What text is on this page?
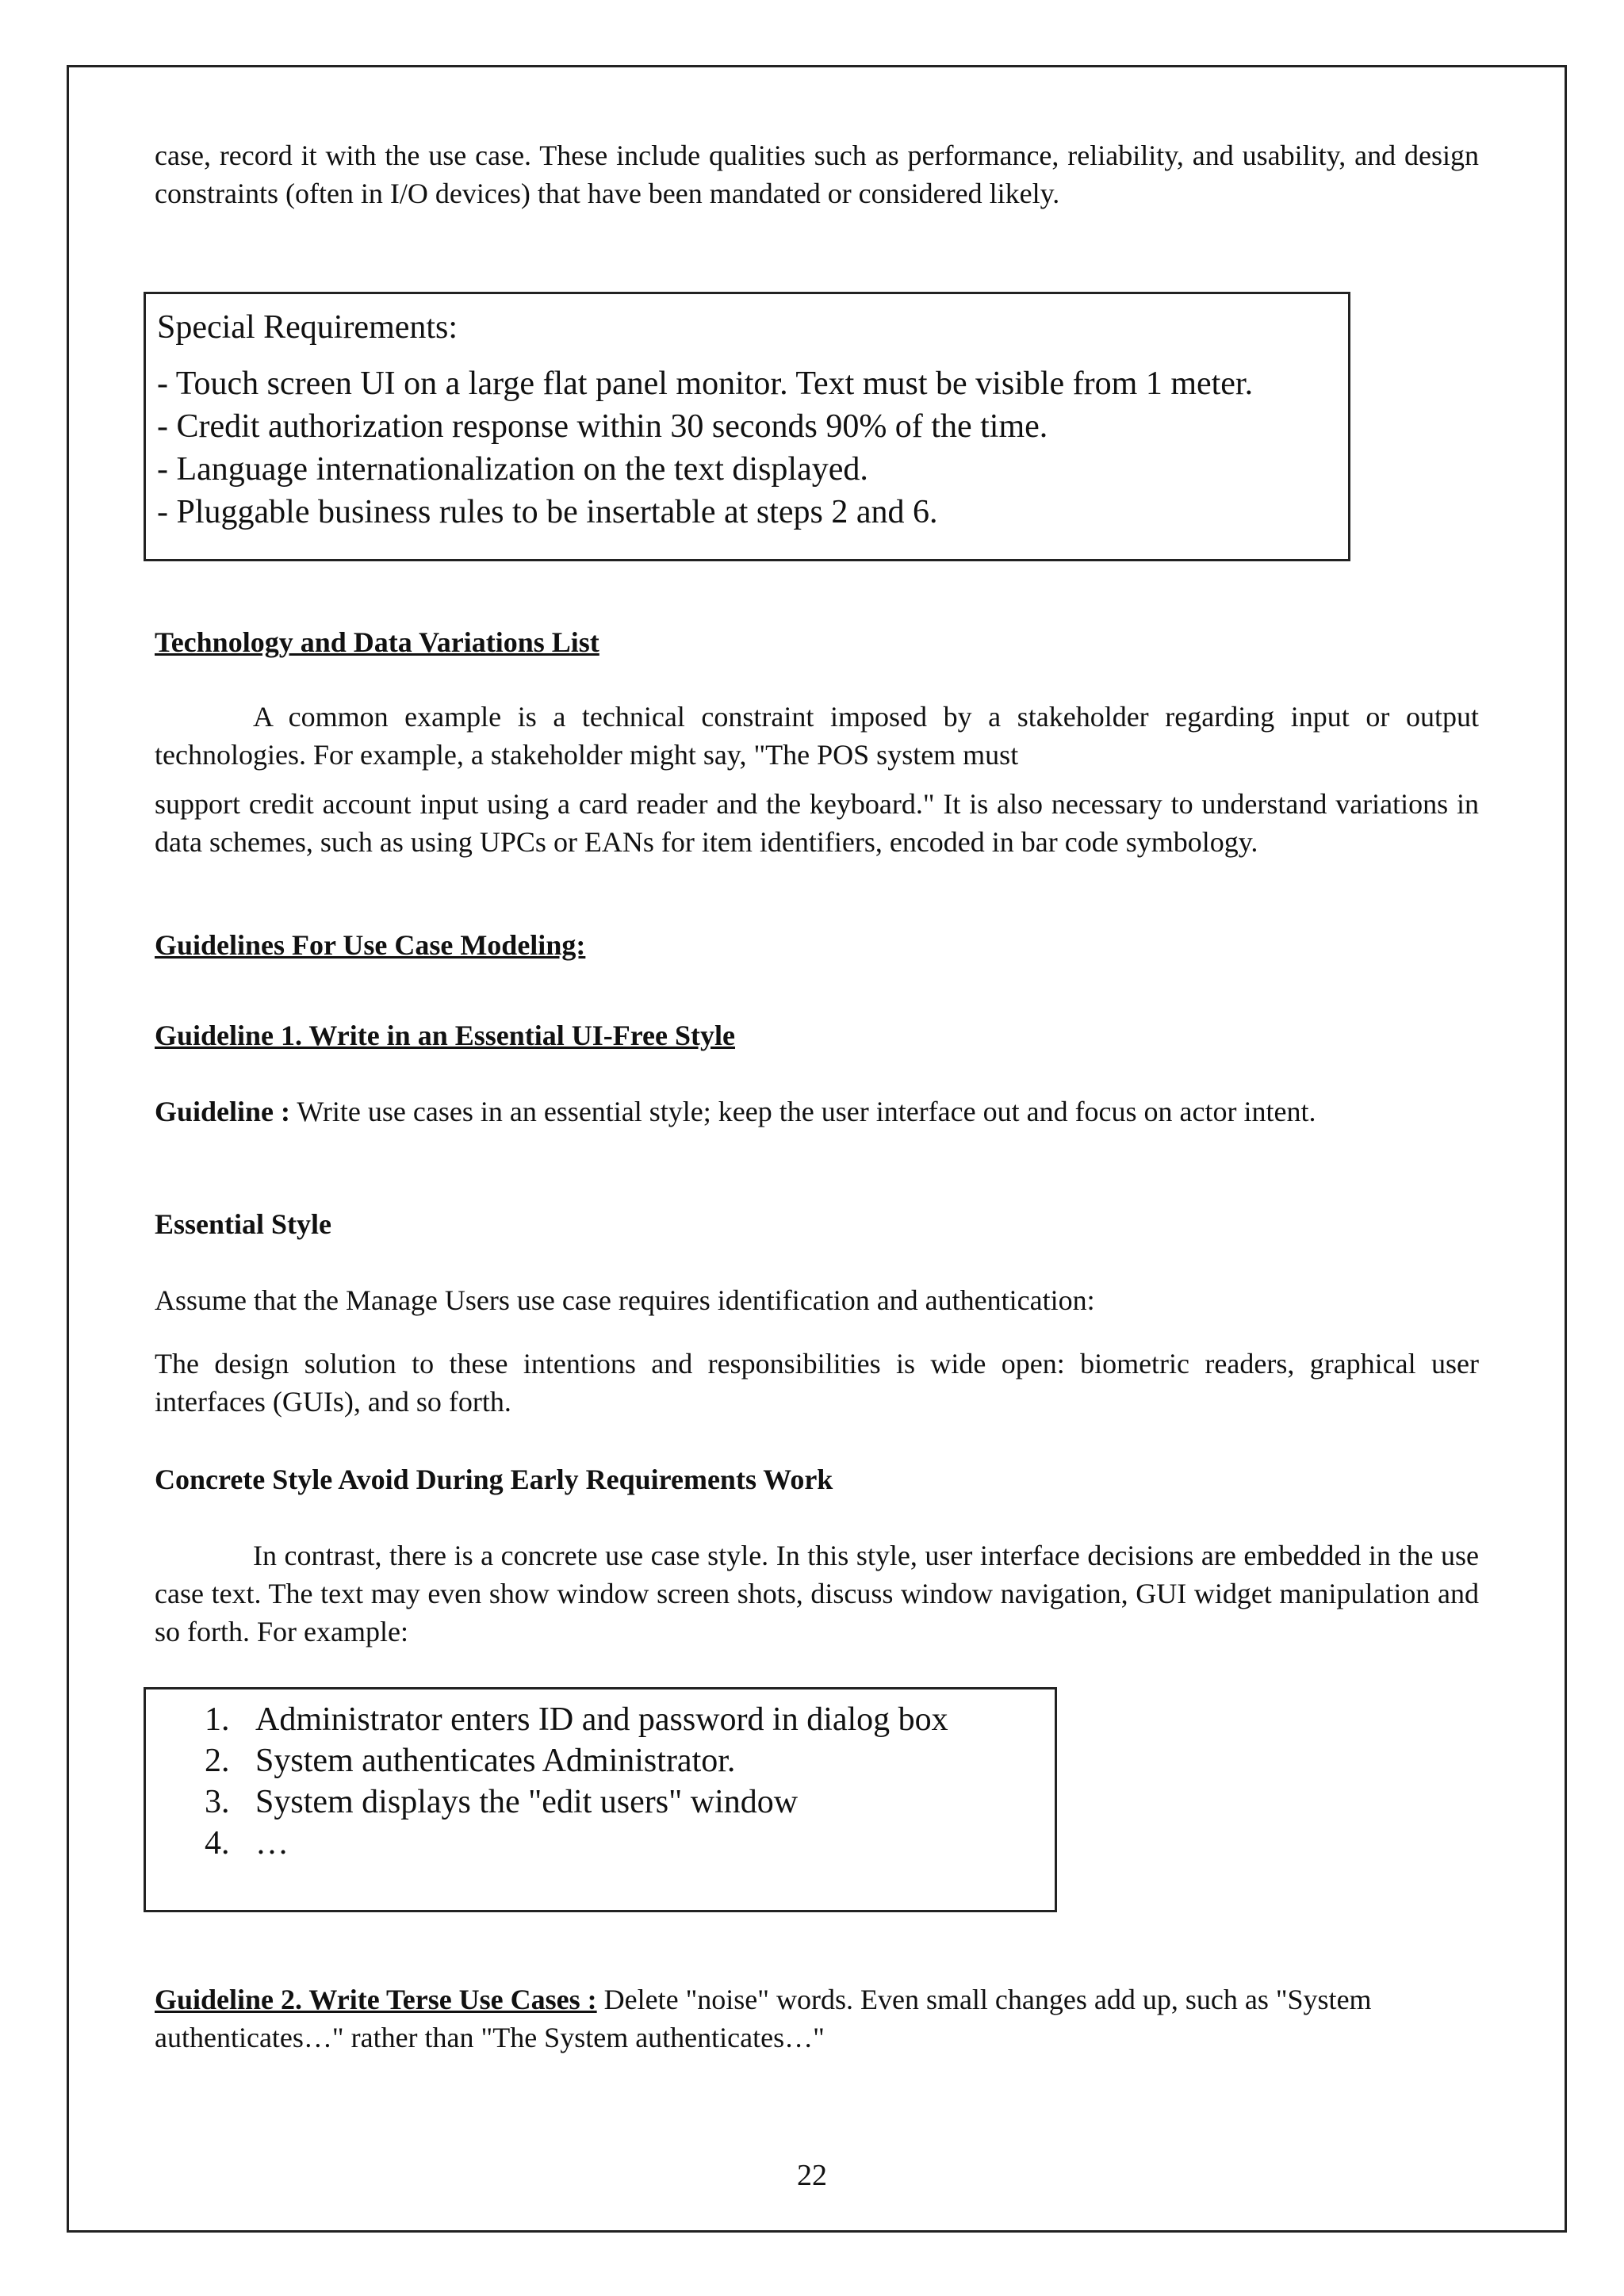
case, record it with the use case. These include qualities such as performance, reliability, and usability, and design constraints (often in I/O devices) that have been mandated or considered likely.

Special Requirements:

- Touch screen UI on a large flat panel monitor. Text must be visible from 1 meter.

- Credit authorization response within 30 seconds 90% of the time.

- Language internationalization on the text displayed.

- Pluggable business rules to be insertable at steps 2 and 6.

Technology and Data Variations List

A common example is a technical constraint imposed by a stakeholder regarding input or output technologies. For example, a stakeholder might say, "The POS system must

support credit account input using a card reader and the keyboard." It is also necessary to understand variations in data schemes, such as using UPCs or EANs for item identifiers, encoded in bar code symbology.

Guidelines For Use Case Modeling:

Guideline 1. Write in an Essential UI-Free Style

Guideline : Write use cases in an essential style; keep the user interface out and focus on actor intent.

Essential Style

Assume that the Manage Users use case requires identification and authentication:

The design solution to these intentions and responsibilities is wide open: biometric readers, graphical user interfaces (GUIs), and so forth.

Concrete Style Avoid During Early Requirements Work

In contrast, there is a concrete use case style. In this style, user interface decisions are embedded in the use case text. The text may even show window screen shots, discuss window navigation, GUI widget manipulation and so forth. For example:

1. Administrator enters ID and password in dialog box
2. System authenticates Administrator.
3. System displays the "edit users" window
4. …

Guideline 2. Write Terse Use Cases : Delete "noise" words. Even small changes add up, such as "System authenticates…" rather than "The System authenticates…"

22
